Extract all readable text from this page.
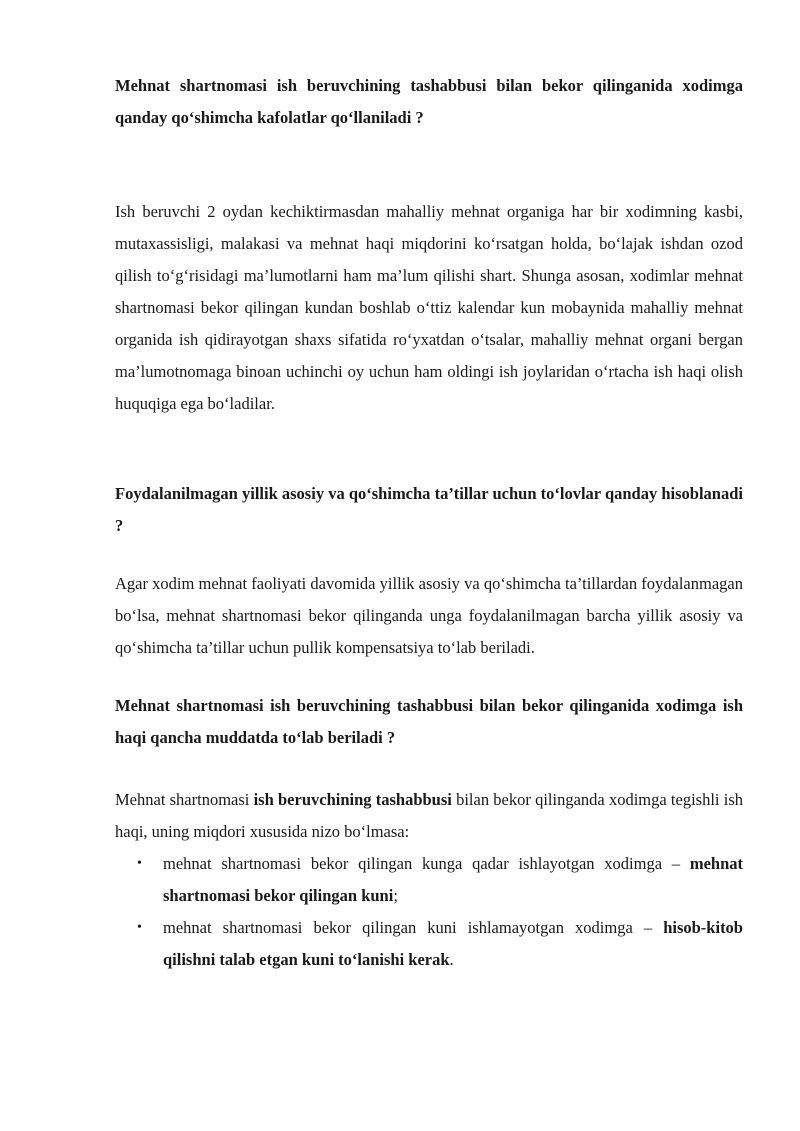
Mehnat shartnomasi ish beruvchining tashabbusi bilan bekor qilinganida xodimga qanday qo‘shimcha kafolatlar qo‘llaniladi ?

Ish beruvchi 2 oydan kechiktirmasdan mahalliy mehnat organiga har bir xodimning kasbi, mutaxassisligi, malakasi va mehnat haqi miqdorini ko‘rsatgan holda, bo‘lajak ishdan ozod qilish to‘g‘risidagi ma’lumotlarni ham ma’lum qilishi shart. Shunga asosan, xodimlar mehnat shartnomasi bekor qilingan kundan boshlab o‘ttiz kalendar kun mobaynida mahalliy mehnat organida ish qidirayotgan shaxs sifatida ro‘yxatdan o‘tsalar, mahalliy mehnat organi bergan ma’lumotnomaga binoan uchinchi oy uchun ham oldingi ish joylaridan o‘rtacha ish haqi olish huquqiga ega bo‘ladilar.

Foydalanilmagan yillik asosiy va qo‘shimcha ta’tillar uchun to‘lovlar qanday hisoblanadi ?

Agar xodim mehnat faoliyati davomida yillik asosiy va qo‘shimcha ta’tillardan foydalanmagan bo‘lsa, mehnat shartnomasi bekor qilinganda unga foydalanilmagan barcha yillik asosiy va qo‘shimcha ta’tillar uchun pullik kompensatsiya to‘lab beriladi.

Mehnat shartnomasi ish beruvchining tashabbusi bilan bekor qilinganida xodimga ish haqi qancha muddatda to‘lab beriladi ?

Mehnat shartnomasi ish beruvchining tashabbusi bilan bekor qilinganda xodimga tegishli ish haqi, uning miqdori xususida nizo bo‘lmasa:

• mehnat shartnomasi bekor qilingan kunga qadar ishlayotgan xodimga – mehnat shartnomasi bekor qilingan kuni;
• mehnat shartnomasi bekor qilingan kuni ishlamayotgan xodimga – hisob-kitob qilishni talab etgan kuni to‘lanishi kerak.
